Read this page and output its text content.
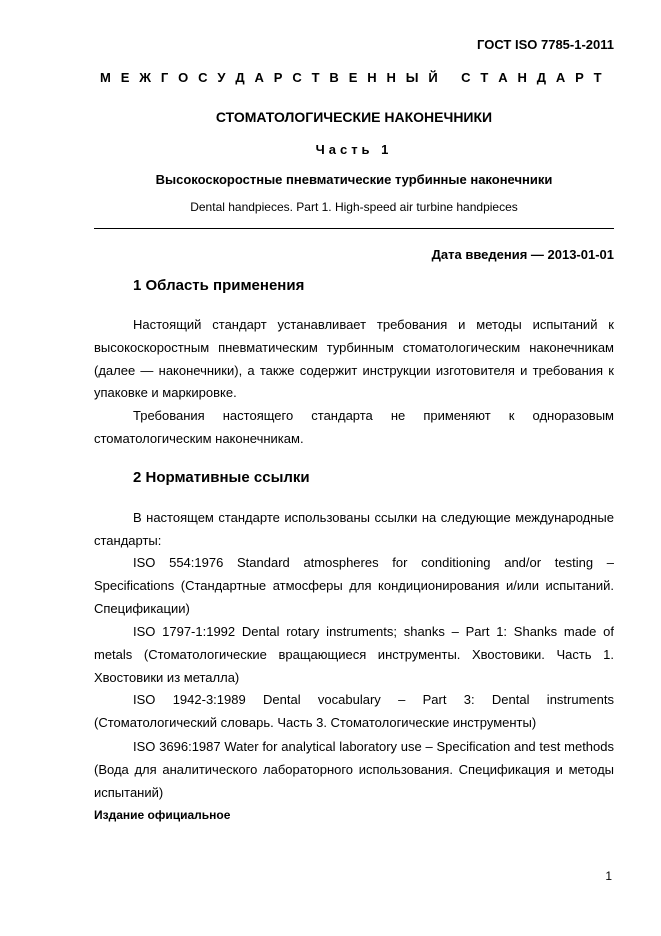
ГОСТ ISO 7785-1-2011
М Е Ж Г О С У Д А Р С Т В Е Н Н Ы Й
С Т А Н Д А Р Т
СТОМАТОЛОГИЧЕСКИЕ НАКОНЕЧНИКИ
Часть 1
Высокоскоростные пневматические турбинные наконечники
Dental handpieces. Part 1. High-speed air turbine handpieces
Дата введения — 2013-01-01
1 Область применения

Настоящий стандарт устанавливает требования и методы испытаний к высокоскоростным пневматическим турбинным стоматологическим наконечникам (далее — наконечники), а также содержит инструкции изготовителя и требования к упаковке и маркировке.

Требования настоящего стандарта не применяют к одноразовым стоматологическим наконечникам.

2 Нормативные ссылки

В настоящем стандарте использованы ссылки на следующие международные стандарты:

ISO 554:1976 Standard atmospheres for conditioning and/or testing – Specifications (Стандартные атмосферы для кондиционирования и/или испытаний. Спецификации)

ISO 1797-1:1992 Dental rotary instruments; shanks – Part 1: Shanks made of metals (Стоматологические вращающиеся инструменты. Хвостовики. Часть 1. Хвостовики из металла)

ISO 1942-3:1989 Dental vocabulary – Part 3: Dental instruments (Стоматологический словарь. Часть 3. Стоматологические инструменты)

ISO 3696:1987 Water for analytical laboratory use – Specification and test methods (Вода для аналитического лабораторного использования. Спецификация и методы испытаний)

Издание официальное
1
